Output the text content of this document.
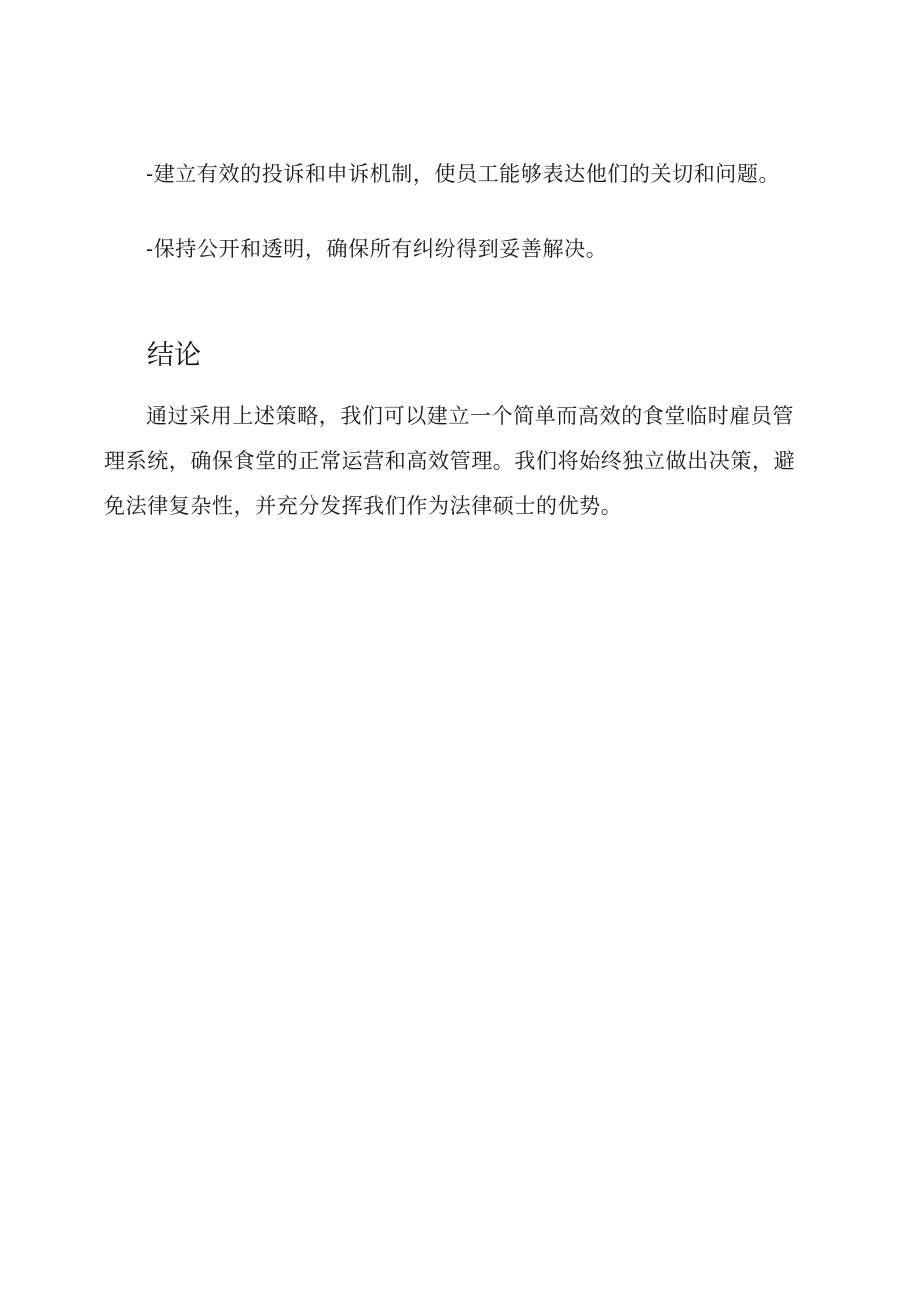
-建立有效的投诉和申诉机制，使员工能够表达他们的关切和问题。

-保持公开和透明，确保所有纠纷得到妥善解决。

结论

通过采用上述策略，我们可以建立一个简单而高效的食堂临时雇员管理系统，确保食堂的正常运营和高效管理。我们将始终独立做出决策，避免法律复杂性，并充分发挥我们作为法律硕士的优势。
